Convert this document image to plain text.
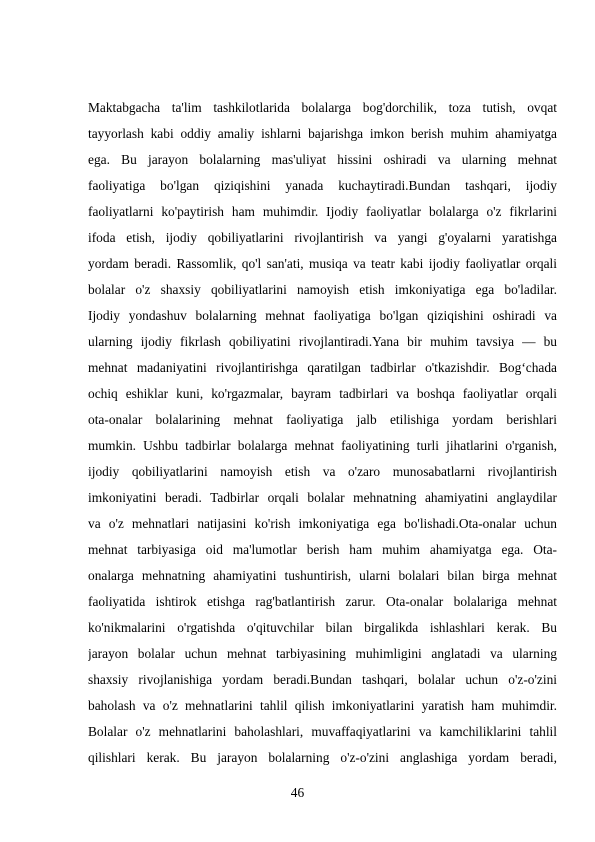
Maktabgacha ta'lim tashkilotlarida bolalarga bog'dorchilik, toza tutish, ovqat
tayyorlash kabi oddiy amaliy ishlarni bajarishga imkon berish muhim ahamiyatga
ega. Bu jarayon bolalarning mas'uliyat hissini oshiradi va ularning mehnat
faoliyatiga bo'lgan qiziqishini yanada kuchaytiradi.Bundan tashqari, ijodiy
faoliyatlarni ko'paytirish ham muhimdir. Ijodiy faoliyatlar bolalarga o'z fikrlarini
ifoda etish, ijodiy qobiliyatlarini rivojlantirish va yangi g'oyalarni yaratishga
yordam beradi. Rassomlik, qo'l san'ati, musiqa va teatr kabi ijodiy faoliyatlar orqali
bolalar o'z shaxsiy qobiliyatlarini namoyish etish imkoniyatiga ega bo'ladilar.
Ijodiy yondashuv bolalarning mehnat faoliyatiga bo'lgan qiziqishini oshiradi va
ularning ijodiy fikrlash qobiliyatini rivojlantiradi.Yana bir muhim tavsiya — bu
mehnat madaniyatini rivojlantirishga qaratilgan tadbirlar o'tkazishdir. Bog‘chada
ochiq eshiklar kuni, ko'rgazmalar, bayram tadbirlari va boshqa faoliyatlar orqali
ota-onalar bolalarining mehnat faoliyatiga jalb etilishiga yordam berishlari
mumkin. Ushbu tadbirlar bolalarga mehnat faoliyatining turli jihatlarini o'rganish,
ijodiy qobiliyatlarini namoyish etish va o'zaro munosabatlarni rivojlantirish
imkoniyatini beradi. Tadbirlar orqali bolalar mehnatning ahamiyatini anglaydilar
va o'z mehnatlari natijasini ko'rish imkoniyatiga ega bo'lishadi.Ota-onalar uchun
mehnat tarbiyasiga oid ma'lumotlar berish ham muhim ahamiyatga ega. Ota-
onalarga mehnatning ahamiyatini tushuntirish, ularni bolalari bilan birga mehnat
faoliyatida ishtirok etishga rag'batlantirish zarur. Ota-onalar bolalariga mehnat
ko'nikmalarini o'rgatishda o'qituvchilar bilan birgalikda ishlashlari kerak. Bu
jarayon bolalar uchun mehnat tarbiyasining muhimligini anglatadi va ularning
shaxsiy rivojlanishiga yordam beradi.Bundan tashqari, bolalar uchun o'z-o'zini
baholash va o'z mehnatlarini tahlil qilish imkoniyatlarini yaratish ham muhimdir.
Bolalar o'z mehnatlarini baholashlari, muvaffaqiyatlarini va kamchiliklarini tahlil
qilishlari kerak. Bu jarayon bolalarning o'z-o'zini anglashiga yordam beradi,
46
